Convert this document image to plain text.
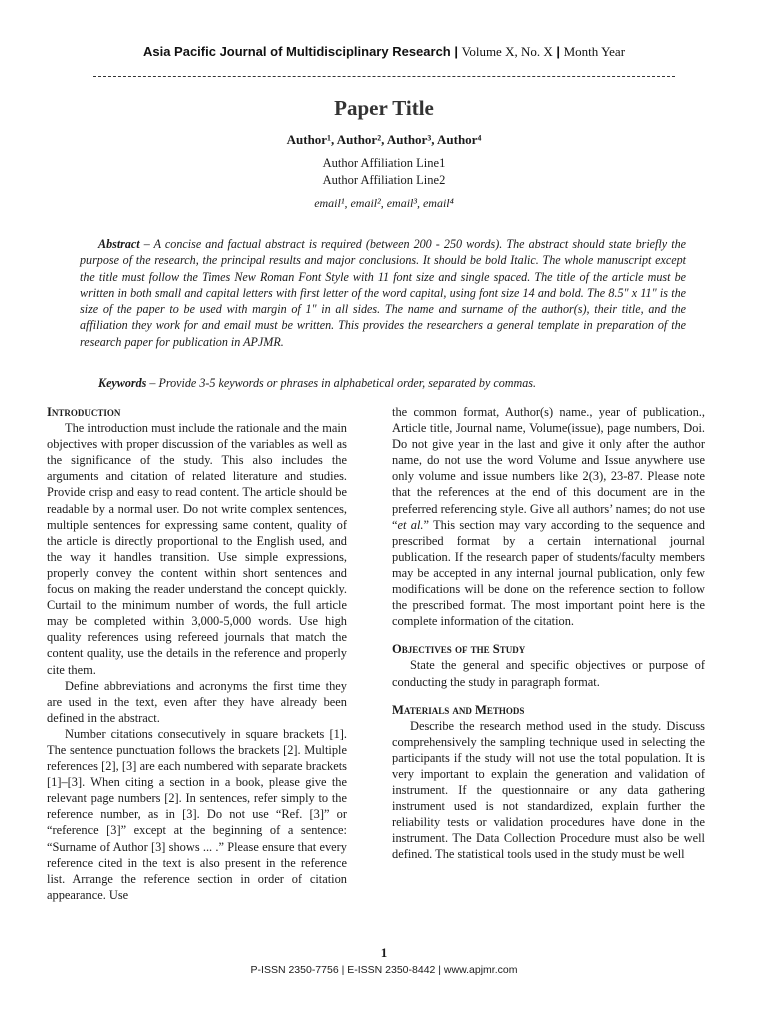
Asia Pacific Journal of Multidisciplinary Research | Volume X, No. X | Month Year
Paper Title
Author¹, Author², Author³, Author⁴
Author Affiliation Line1
Author Affiliation Line2
email¹, email², email³, email⁴

Abstract – A concise and factual abstract is required (between 200 - 250 words). The abstract should state briefly the purpose of the research, the principal results and major conclusions. It should be bold Italic. The whole manuscript except the title must follow the Times New Roman Font Style with 11 font size and single spaced. The title of the article must be written in both small and capital letters with first letter of the word capital, using font size 14 and bold. The 8.5" x 11" is the size of the paper to be used with margin of 1" in all sides. The name and surname of the author(s), their title, and the affiliation they work for and email must be written. This provides the researchers a general template in preparation of the research paper for publication in APJMR.

Keywords – Provide 3-5 keywords or phrases in alphabetical order, separated by commas.

Introduction

The introduction must include the rationale and the main objectives with proper discussion of the variables as well as the significance of the study. This also includes the arguments and citation of related literature and studies. Provide crisp and easy to read content. The article should be readable by a normal user. Do not write complex sentences, multiple sentences for expressing same content, quality of the article is directly proportional to the English used, and the way it handles transition. Use simple expressions, properly convey the content within short sentences and focus on making the reader understand the concept quickly. Curtail to the minimum number of words, the full article may be completed within 3,000-5,000 words. Use high quality references using refereed journals that match the content quality, use the details in the reference and properly cite them.

Define abbreviations and acronyms the first time they are used in the text, even after they have already been defined in the abstract.

Number citations consecutively in square brackets [1]. The sentence punctuation follows the brackets [2]. Multiple references [2], [3] are each numbered with separate brackets [1]–[3]. When citing a section in a book, please give the relevant page numbers [2]. In sentences, refer simply to the reference number, as in [3]. Do not use “Ref. [3]” or “reference [3]” except at the beginning of a sentence: “Surname of Author [3] shows ... .” Please ensure that every reference cited in the text is also present in the reference list. Arrange the reference section in order of citation appearance. Use

the common format, Author(s) name., year of publication., Article title, Journal name, Volume(issue), page numbers, Doi. Do not give year in the last and give it only after the author name, do not use the word Volume and Issue anywhere use only volume and issue numbers like 2(3), 23-87. Please note that the references at the end of this document are in the preferred referencing style. Give all authors’ names; do not use “et al.” This section may vary according to the sequence and prescribed format by a certain international journal publication. If the research paper of students/faculty members may be accepted in any internal journal publication, only few modifications will be done on the reference section to follow the prescribed format. The most important point here is the complete information of the citation.

Objectives of the Study

State the general and specific objectives or purpose of conducting the study in paragraph format.

Materials and Methods

Describe the research method used in the study. Discuss comprehensively the sampling technique used in selecting the participants if the study will not use the total population. It is very important to explain the generation and validation of instrument. If the questionnaire or any data gathering instrument used is not standardized, explain further the reliability tests or validation procedures have done in the instrument. The Data Collection Procedure must also be well defined. The statistical tools used in the study must be well

1
P-ISSN 2350-7756 | E-ISSN 2350-8442 | www.apjmr.com
